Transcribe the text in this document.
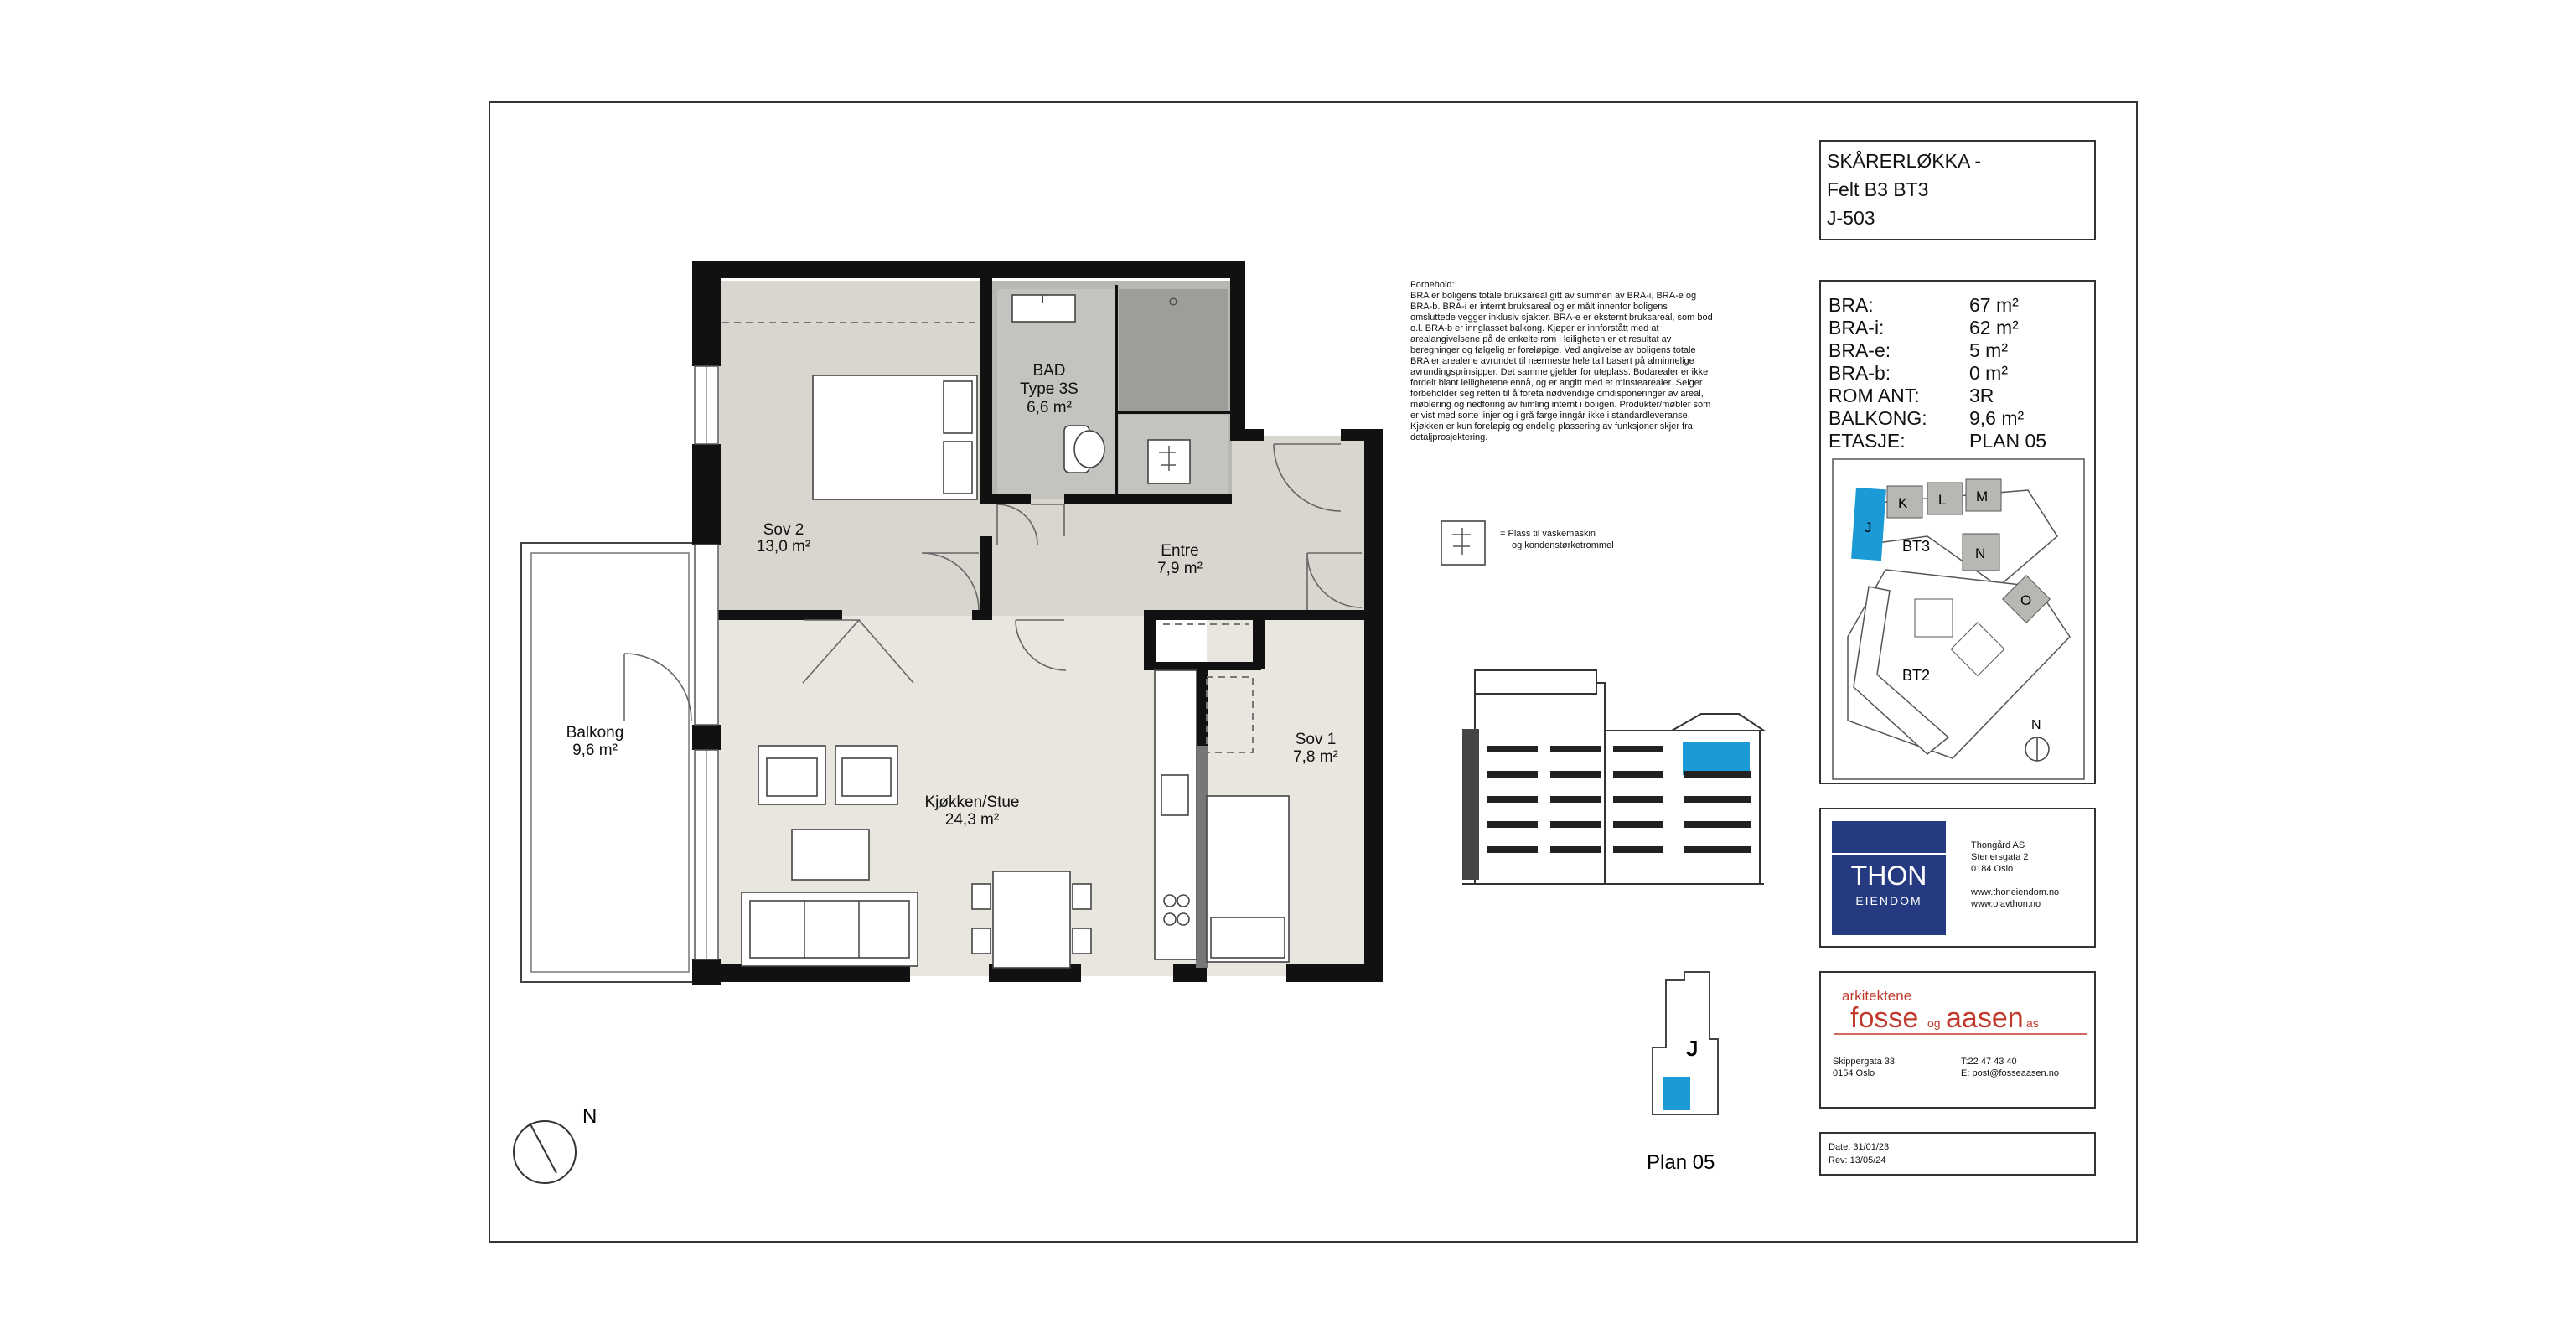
Sov 2
13,0 m²
BAD
Type 3S
6,6 m²
Entre
7,9 m²
Sov 1
7,8 m²
Kjøkken/Stue
24,3 m²
Balkong
9,6 m²
N
Forbehold:
BRA er boligens totale bruksareal gitt av summen av BRA-i, BRA-e og
BRA-b. BRA-i er internt bruksareal og er målt innenfor boligens
omsluttede vegger inklusiv sjakter. BRA-e er eksternt bruksareal, som bod
o.l. BRA-b er innglasset balkong. Kjøper er innforstått med at
arealangivelsene på de enkelte rom i leiligheten er et resultat av
beregninger og følgelig er foreløpige. Ved angivelse av boligens totale
BRA er arealene avrundet til nærmeste hele tall basert på alminnelige
avrundingsprinsipper. Det samme gjelder for uteplass. Bodarealer er ikke
fordelt blant leilighetene ennå, og er angitt med et minstearealer. Selger
forbeholder seg retten til å foreta nødvendige omdisponeringer av areal,
møblering og nedforing av himling internt i boligen. Produkter/møbler som
er vist med sorte linjer og i grå farge inngår ikke i standardleveranse.
Kjøkken er kun foreløpig og endelig plassering av funksjoner skjer fra
detaljprosjektering.
= Plass til vaskemaskin
og kondenstørketrommel
J
Plan 05
SKÅRERLØKKA -
Felt B3 BT3
J-503
BRA:	67 m²
BRA-i:	62 m²
BRA-e:	5 m²
BRA-b:	0 m²
ROM ANT:	3R
BALKONG: 9,6 m²
ETASJE:	PLAN 05
J
K L M
N
O
BT3
BT2
N
THON
EIENDOM
Thongård AS
Stenersgata 2
0184 Oslo
www.thoneiendom.no
www.olavthon.no
arkitektene
fosse og aasen as
Skippergata 33
0154 Oslo
T:22 47 43 40
E: post@fosseaasen.no
Date: 31/01/23
Rev: 13/05/24
